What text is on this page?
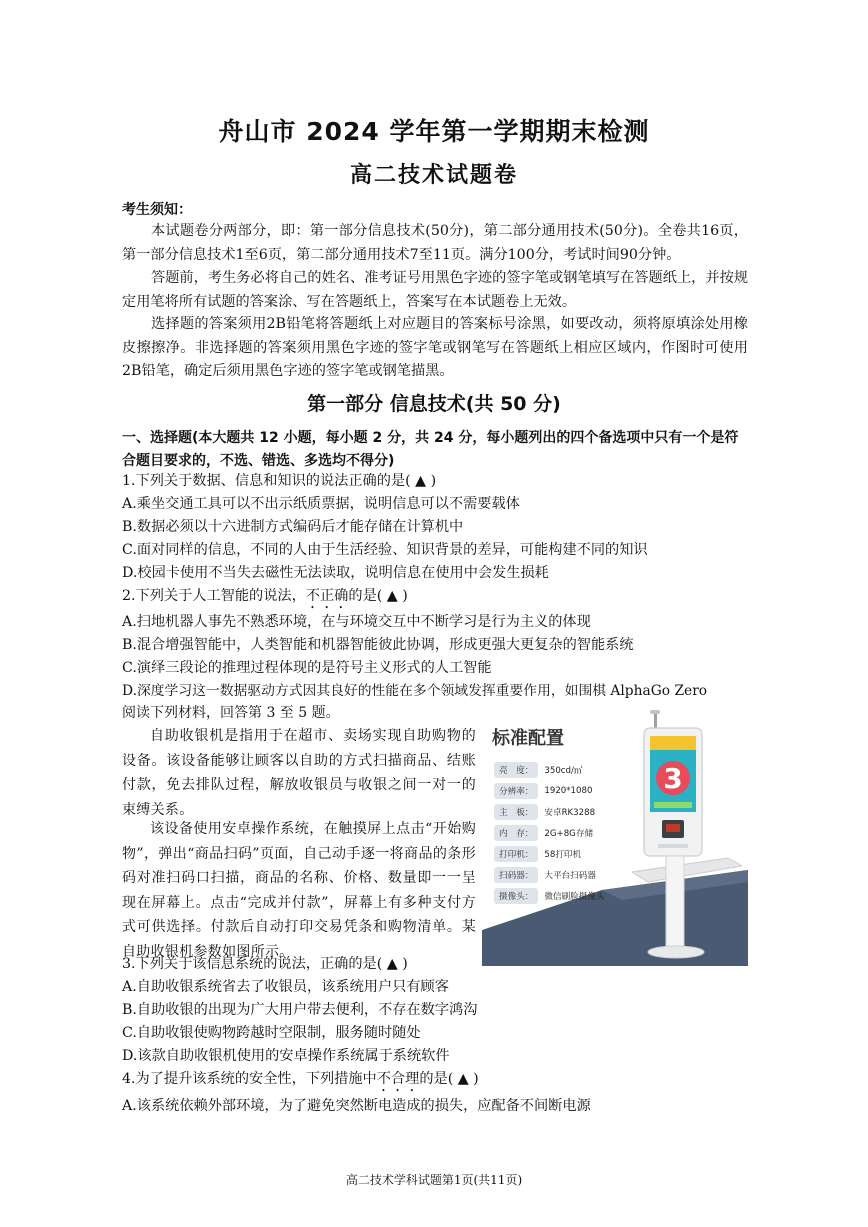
舟山市 2024 学年第一学期期末检测
高二技术试题卷
考生须知：
本试题卷分两部分，即：第一部分信息技术(50分)，第二部分通用技术(50分)。全卷共16页，第一部分信息技术1至6页，第二部分通用技术7至11页。满分100分，考试时间90分钟。
答题前，考生务必将自己的姓名、准考证号用黑色字迹的签字笔或钢笔填写在答题纸上，并按规定用笔将所有试题的答案涂、写在答题纸上，答案写在本试题卷上无效。
选择题的答案须用2B铅笔将答题纸上对应题目的答案标号涂黑，如要改动，须将原填涂处用橡皮擦擦净。非选择题的答案须用黑色字迹的签字笔或钢笔写在答题纸上相应区域内，作图时可使用2B铅笔，确定后须用黑色字迹的签字笔或钢笔描黑。
第一部分 信息技术(共 50 分)
一、选择题(本大题共 12 小题，每小题 2 分，共 24 分，每小题列出的四个备选项中只有一个是符合题目要求的，不选、错选、多选均不得分)
1.下列关于数据、信息和知识的说法正确的是( ▲ )
A.乘坐交通工具可以不出示纸质票据，说明信息可以不需要载体
B.数据必须以十六进制方式编码后才能存储在计算机中
C.面对同样的信息，不同的人由于生活经验、知识背景的差异，可能构建不同的知识
D.校园卡使用不当失去磁性无法读取，说明信息在使用中会发生损耗
2.下列关于人工智能的说法，不正确的是( ▲ )
A.扫地机器人事先不熟悉环境，在与环境交互中不断学习是行为主义的体现
B.混合增强智能中，人类智能和机器智能彼此协调，形成更强大更复杂的智能系统
C.演绎三段论的推理过程体现的是符号主义形式的人工智能
D.深度学习这一数据驱动方式因其良好的性能在多个领域发挥重要作用，如围棋 AlphaGo Zero
阅读下列材料，回答第 3 至 5 题。
自助收银机是指用于在超市、卖场实现自助购物的设备。该设备能够让顾客以自助的方式扫描商品、结账付款，免去排队过程，解放收银员与收银之间一对一的束缚关系。
该设备使用安卓操作系统，在触摸屏上点击“开始购物”，弹出“商品扫码”页面，自己动手逐一将商品的条形码对准扫码口扫描，商品的名称、价格、数量即一一呈现在屏幕上。点击“完成并付款”，屏幕上有多种支付方式可供选择。付款后自动打印交易凭条和购物清单。某自助收银机参数如图所示。
标准配置
亮　度：	350cd/㎡
分辨率：	1920*1080
主　板：	安卓RK3288
内　存：	2G+8G存储
打印机：	58打印机
扫码器：	大平台扫码器
摄像头：	微信刷脸摄像头
3
3.下列关于该信息系统的说法，正确的是( ▲ )
A.自助收银系统省去了收银员，该系统用户只有顾客
B.自助收银的出现为广大用户带去便利，不存在数字鸿沟
C.自助收银使购物跨越时空限制，服务随时随处
D.该款自助收银机使用的安卓操作系统属于系统软件
4.为了提升该系统的安全性，下列措施中不合理的是( ▲ )
A.该系统依赖外部环境，为了避免突然断电造成的损失，应配备不间断电源
高二技术学科试题第1页(共11页)
